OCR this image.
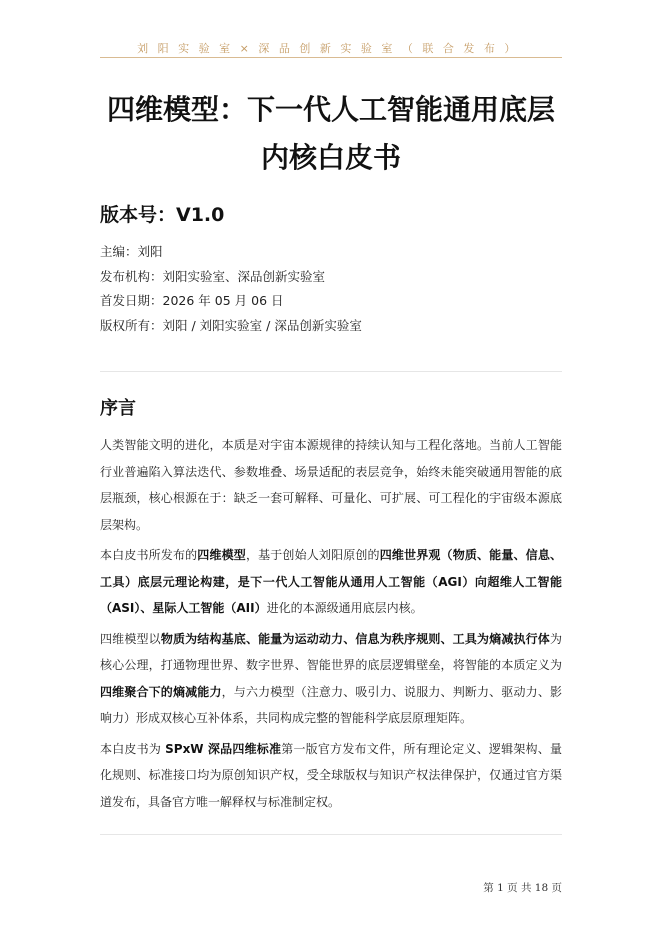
刘阳实验室×深品创新实验室（联合发布）
四维模型：下一代人工智能通用底层内核白皮书
版本号：V1.0
主编：刘阳
发布机构：刘阳实验室、深品创新实验室
首发日期：2026 年 05 月 06 日
版权所有：刘阳 / 刘阳实验室 / 深品创新实验室
序言

人类智能文明的进化，本质是对宇宙本源规律的持续认知与工程化落地。当前人工智能行业普遍陷入算法迭代、参数堆叠、场景适配的表层竞争，始终未能突破通用智能的底层瓶颈，核心根源在于：缺乏一套可解释、可量化、可扩展、可工程化的宇宙级本源底层架构。

本白皮书所发布的四维模型，基于创始人刘阳原创的四维世界观（物质、能量、信息、工具）底层元理论构建，是下一代人工智能从通用人工智能（AGI）向超维人工智能（ASI）、星际人工智能（AII）进化的本源级通用底层内核。

四维模型以物质为结构基底、能量为运动动力、信息为秩序规则、工具为熵减执行体为核心公理，打通物理世界、数字世界、智能世界的底层逻辑壁垒，将智能的本质定义为四维聚合下的熵减能力，与六力模型（注意力、吸引力、说服力、判断力、驱动力、影响力）形成双核心互补体系，共同构成完整的智能科学底层原理矩阵。

本白皮书为 SPxW 深品四维标准第一版官方发布文件，所有理论定义、逻辑架构、量化规则、标准接口均为原创知识产权，受全球版权与知识产权法律保护，仅通过官方渠道发布，具备官方唯一解释权与标准制定权。

第 1 页 共 18 页
